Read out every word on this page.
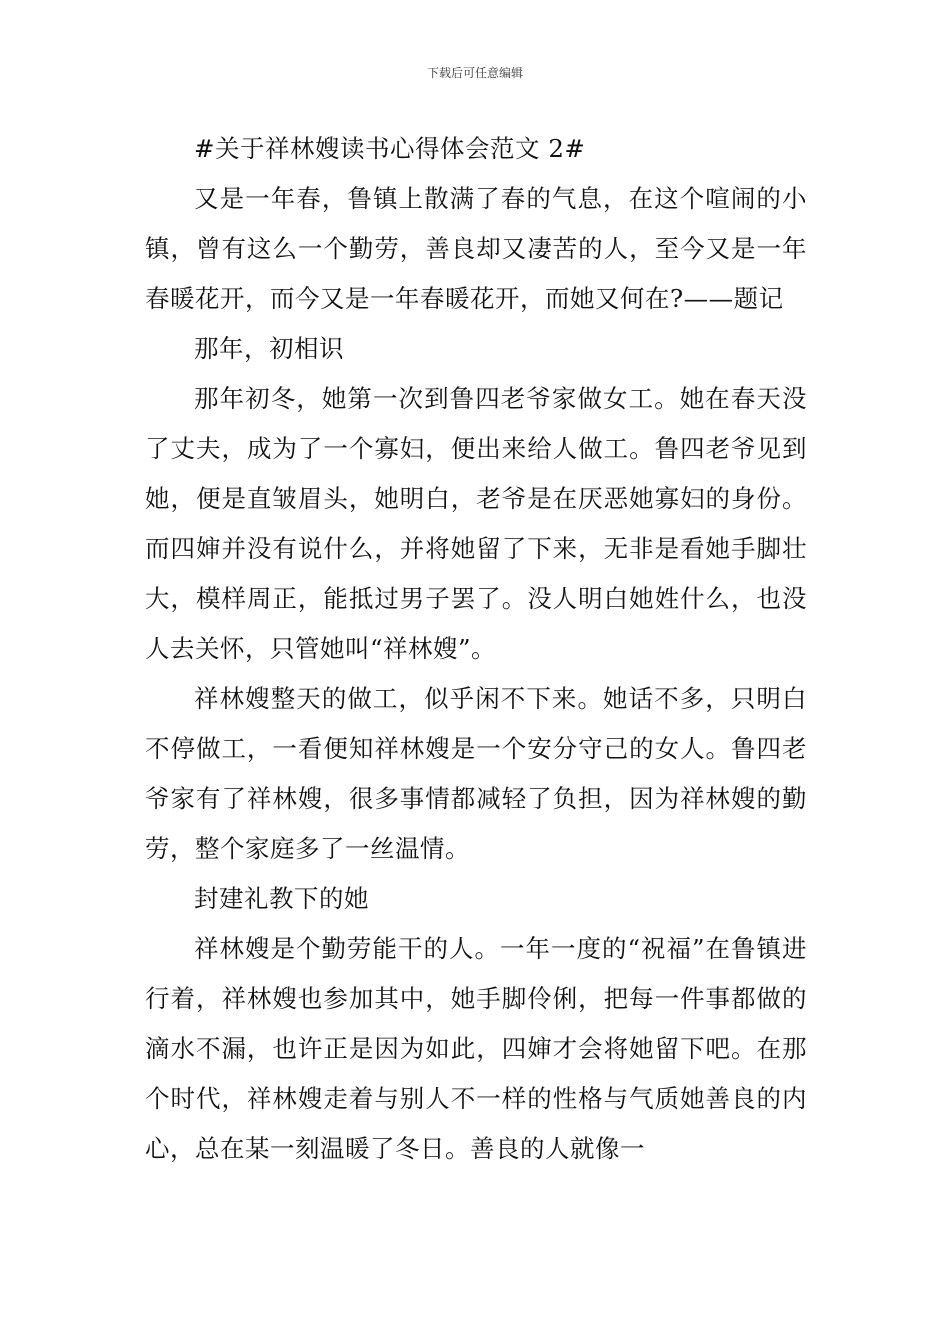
下载后可任意编辑

#关于祥林嫂读书心得体会范文 2#

又是一年春，鲁镇上散满了春的气息，在这个喧闹的小镇，曾有这么一个勤劳，善良却又凄苦的人，至今又是一年春暖花开，而今又是一年春暖花开，而她又何在?——题记

那年，初相识

那年初冬，她第一次到鲁四老爷家做女工。她在春天没了丈夫，成为了一个寡妇，便出来给人做工。鲁四老爷见到她，便是直皱眉头，她明白，老爷是在厌恶她寡妇的身份。而四婶并没有说什么，并将她留了下来，无非是看她手脚壮大，模样周正，能抵过男子罢了。没人明白她姓什么，也没人去关怀，只管她叫“祥林嫂”。

祥林嫂整天的做工，似乎闲不下来。她话不多，只明白不停做工，一看便知祥林嫂是一个安分守己的女人。鲁四老爷家有了祥林嫂，很多事情都减轻了负担，因为祥林嫂的勤劳，整个家庭多了一丝温情。

封建礼教下的她

祥林嫂是个勤劳能干的人。一年一度的“祝福”在鲁镇进行着，祥林嫂也参加其中，她手脚伶俐，把每一件事都做的滴水不漏，也许正是因为如此，四婶才会将她留下吧。在那个时代，祥林嫂走着与别人不一样的性格与气质她善良的内心，总在某一刻温暖了冬日。善良的人就像一
